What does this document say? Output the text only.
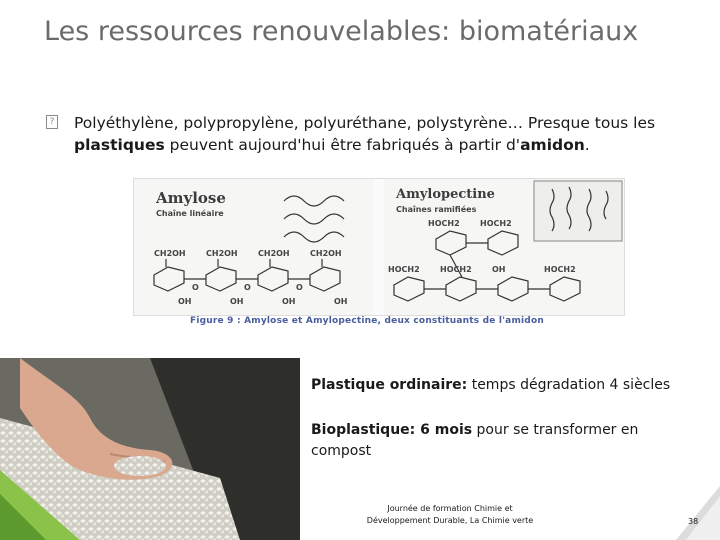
Les ressources renouvelables: biomatériaux
? Polyéthylène, polypropylène, polyuréthane, polystyrène… Presque tous les plastiques peuvent aujourd'hui être fabriqués à partir d'amidon.
Amylose
Chaîne linéaire
CH2OH	CH2OH	CH2OH	CH2OH
O	O	O
OH	OH	OH	OH
Amylopectine
Chaînes ramifiées
HOCH2	HOCH2
HOCH2	HOCH2	OH	HOCH2
Figure 9 : Amylose et Amylopectine, deux constituants de l'amidon
Plastique ordinaire: temps dégradation 4 siècles
Bioplastique: 6 mois pour se transformer en compost
Journée de formation Chimie et
Développement Durable, La Chimie verte	38
